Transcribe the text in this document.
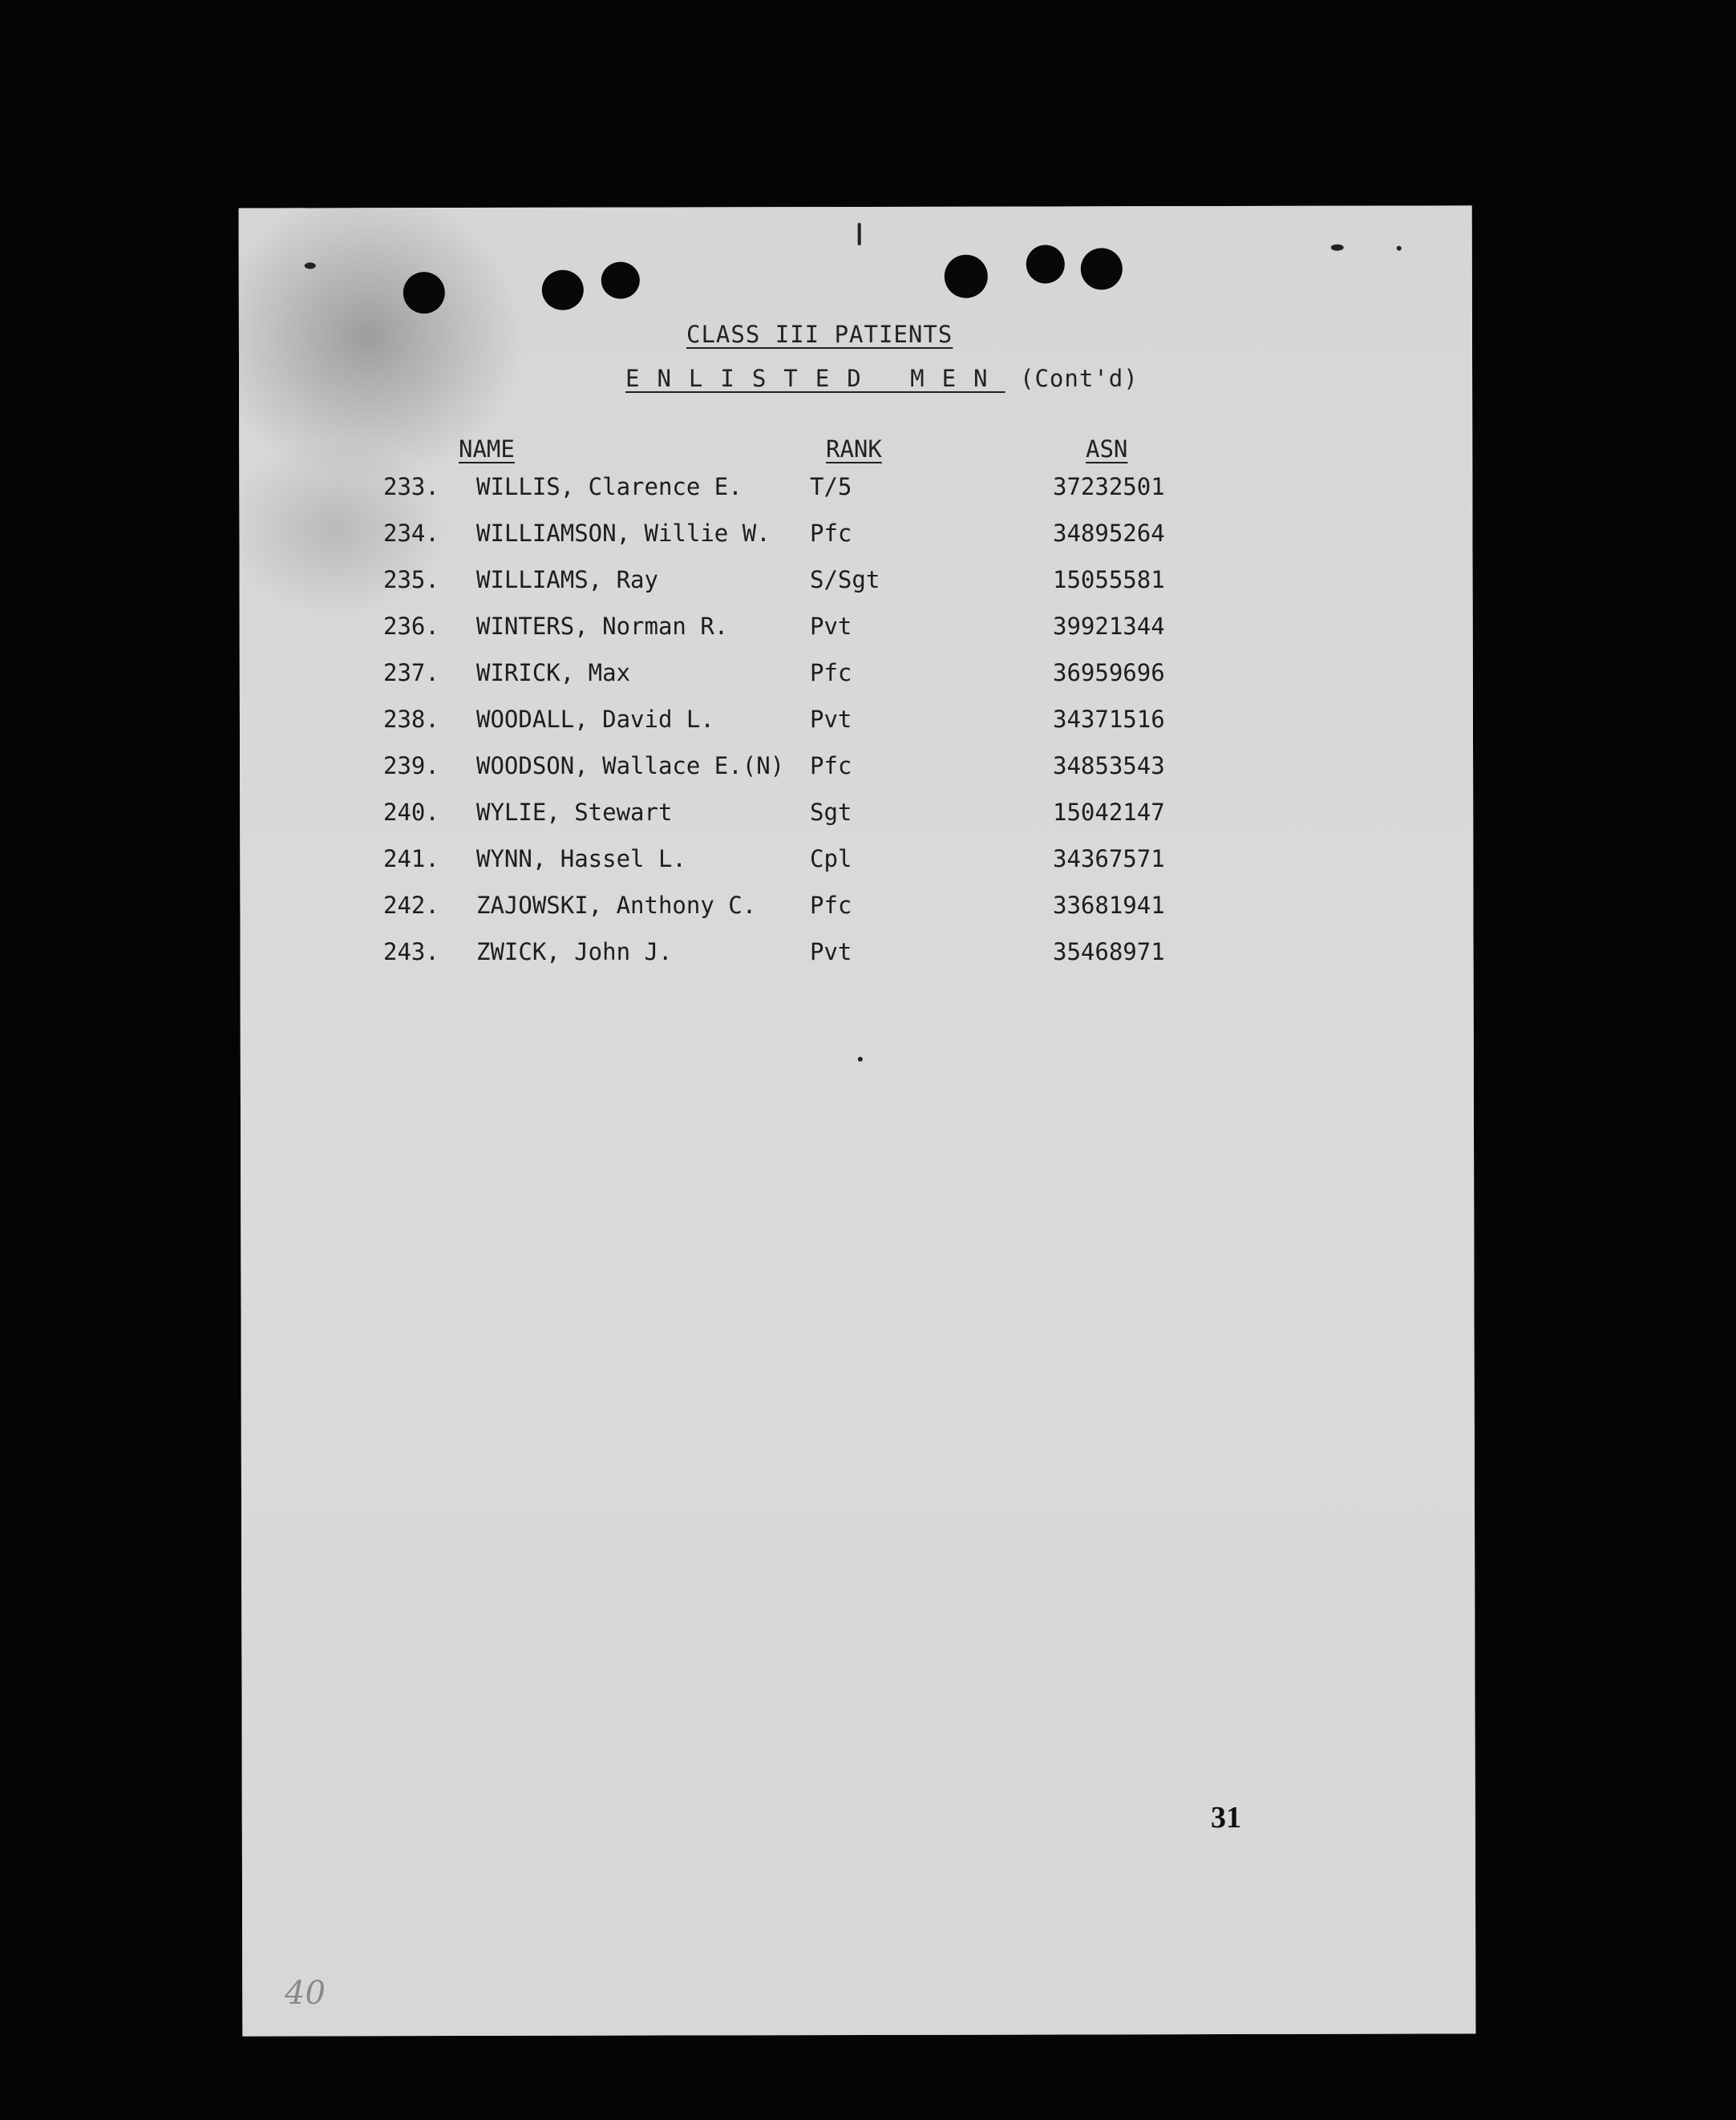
CLASS III PATIENTS
ENLISTED MEN (Cont'd)
NAME	RANK	ASN
233. WILLIS, Clarence E.	T/5	37232501
234. WILLIAMSON, Willie W. Pfc	34895264
235. WILLIAMS, Ray	S/Sgt	15055581
236. WINTERS, Norman R.	Pvt	39921344
237. WIRICK, Max	Pfc	36959696
238. WOODALL, David L.	Pvt	34371516
239. WOODSON, Wallace E.(N) Pfc	34853543
240. WYLIE, Stewart	Sgt	15042147
241. WYNN, Hassel L.	Cpl	34367571
242. ZAJOWSKI, Anthony C. Pfc	33681941
243. ZWICK, John J.	Pvt	35468971
31
40
